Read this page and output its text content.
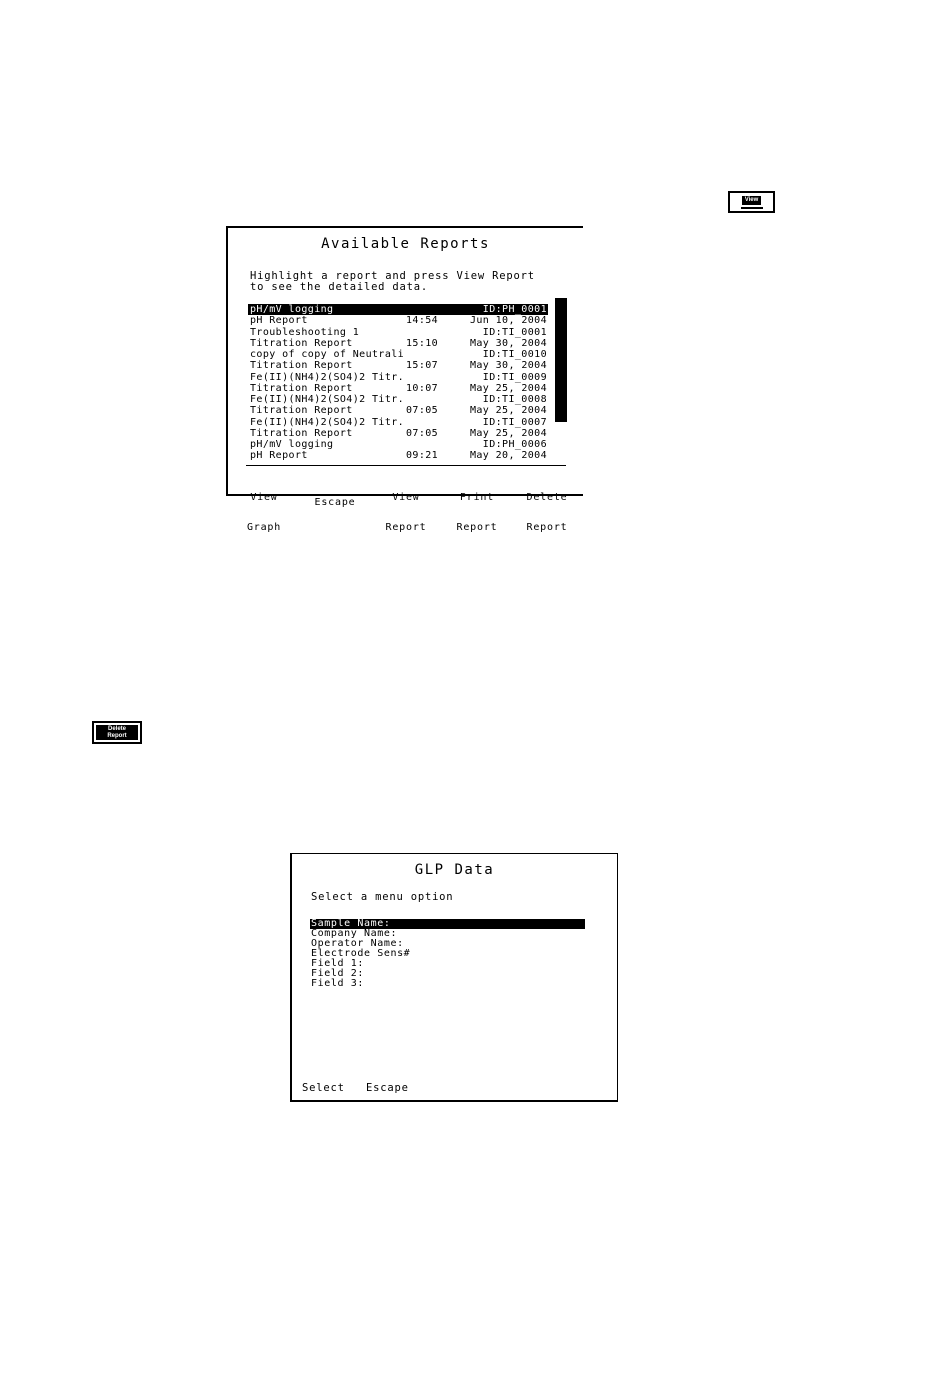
View
Available Reports
Highlight a report and press View Report
to see the detailed data.
pH/mV logging	ID:PH_0001
pH Report	14:54	Jun 10, 2004
Troubleshooting 1	ID:TI_0001
Titration Report	15:10	May 30, 2004
copy of copy of Neutrali	ID:TI_0010
Titration Report	15:07	May 30, 2004
Fe(II)(NH4)2(SO4)2 Titr.	ID:TI_0009
Titration Report	10:07	May 25, 2004
Fe(II)(NH4)2(SO4)2 Titr.	ID:TI_0008
Titration Report	07:05	May 25, 2004
Fe(II)(NH4)2(SO4)2 Titr.	ID:TI_0007
Titration Report	07:05	May 25, 2004
pH/mV logging	ID:PH_0006
pH Report	09:21	May 20, 2004

View

Graph

Escape

	View

Report

Print

Report

Delete

Report

Delete
Report
GLP Data
Select a menu option
Sample Name:
Company Name:
Operator Name:
Electrode Sens#
Field 1:
Field 2:
Field 3:
Select Escape
